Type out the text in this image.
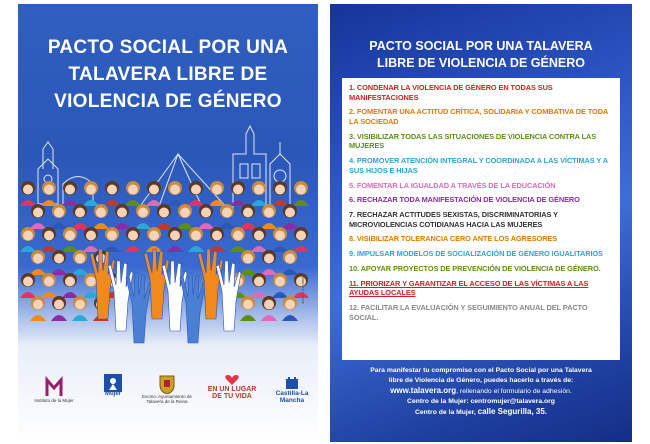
PACTO SOCIAL POR UNA
TALAVERA LIBRE DE
VIOLENCIA DE GÉNERO
diseño estrategia
Instituto de la Mujer
Mujer	Excmo. Ayuntamiento de Talavera de la Reina
EN UN LUGAR
DE TU VIDA	Castilla-La Mancha
PACTO SOCIAL POR UNA TALAVERA
LIBRE DE VIOLENCIA DE GÉNERO
1. CONDENAR LA VIOLENCIA DE GÉNERO EN TODAS SUS MANIFESTACIONES
2. FOMENTAR UNA ACTITUD CRÍTICA, SOLIDARIA Y COMBATIVA DE TODA LA SOCIEDAD
3. VISIBILIZAR TODAS LAS SITUACIONES DE VIOLENCIA CONTRA LAS MUJERES
4. PROMOVER ATENCIÓN INTEGRAL Y COORDINADA A LAS VÍCTIMAS Y A SUS HIJOS E HIJAS
5. FOMENTAR LA IGUALDAD A TRAVÉS DE LA EDUCACIÓN
6. RECHAZAR TODA MANIFESTACIÓN DE VIOLENCIA DE GÉNERO
7. RECHAZAR ACTITUDES SEXISTAS, DISCRIMINATORIAS Y MICROVIOLENCIAS COTIDIANAS HACIA LAS MUJERES
8. VISIBILIZAR TOLERANCIA CERO ANTE LOS AGRESORES
9. IMPULSAR MODELOS DE SOCIALIZACIÓN DE GÉNERO IGUALITARIOS
10. APOYAR PROYECTOS DE PREVENCIÓN DE VIOLENCIA DE GÉNERO.
11. PRIORIZAR Y GARANTIZAR EL ACCESO DE LAS VÍCTIMAS A LAS AYUDAS LOCALES
12. FACILITAR LA EVALUACIÓN Y SEGUIMIENTO ANUAL DEL PACTO SOCIAL.
Para manifestar tu compromiso con el Pacto Social por una Talavera
libre de Violencia de Género, puedes hacerlo a través de:
www.talavera.org, rellenando el formulario de adhesión.
Centro de la Mujer: centromujer@talavera.org
Centro de la Mujer, calle Segurilla, 35.
